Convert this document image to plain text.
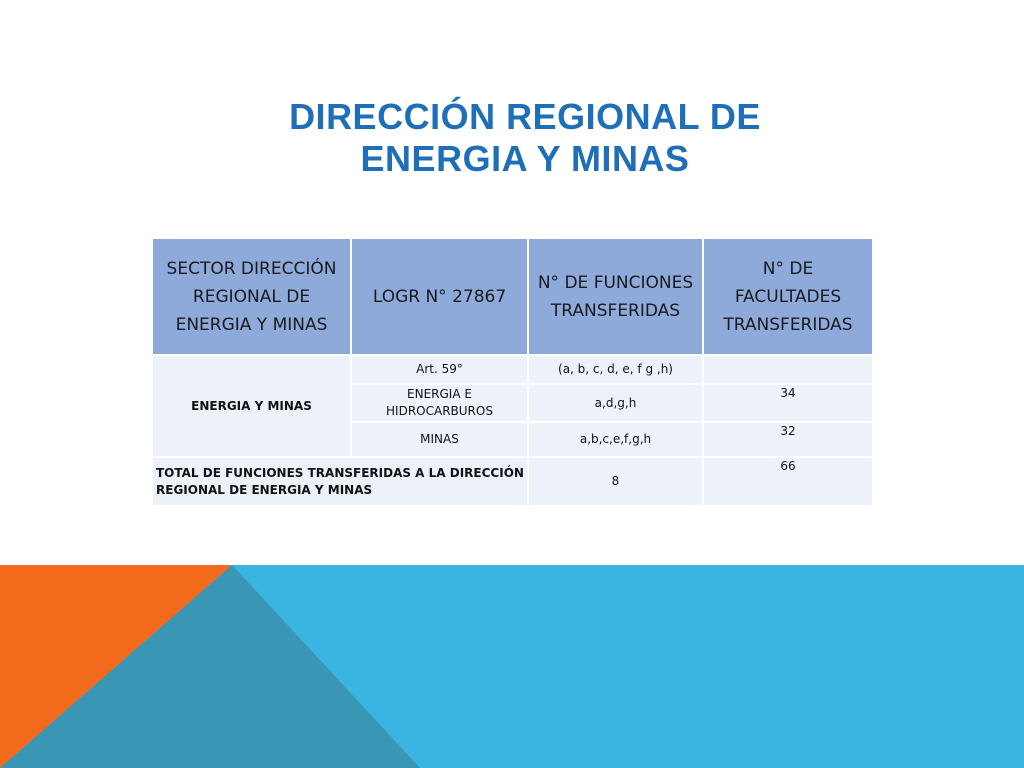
DIRECCIÓN REGIONAL DE
ENERGIA Y MINAS
SECTOR DIRECCIÓN REGIONAL DE ENERGIA Y MINAS	LOGR N° 27867	N° DE FUNCIONES TRANSFERIDAS	N° DE FACULTADES TRANSFERIDAS
ENERGIA Y MINAS	Art. 59°	(a, b, c, d, e, f g ,h)	
	ENERGIA E HIDROCARBUROS	a,d,g,h	34
	MINAS	a,b,c,e,f,g,h	32
TOTAL DE FUNCIONES TRANSFERIDAS A LA DIRECCIÓN REGIONAL DE ENERGIA Y MINAS		8	66
